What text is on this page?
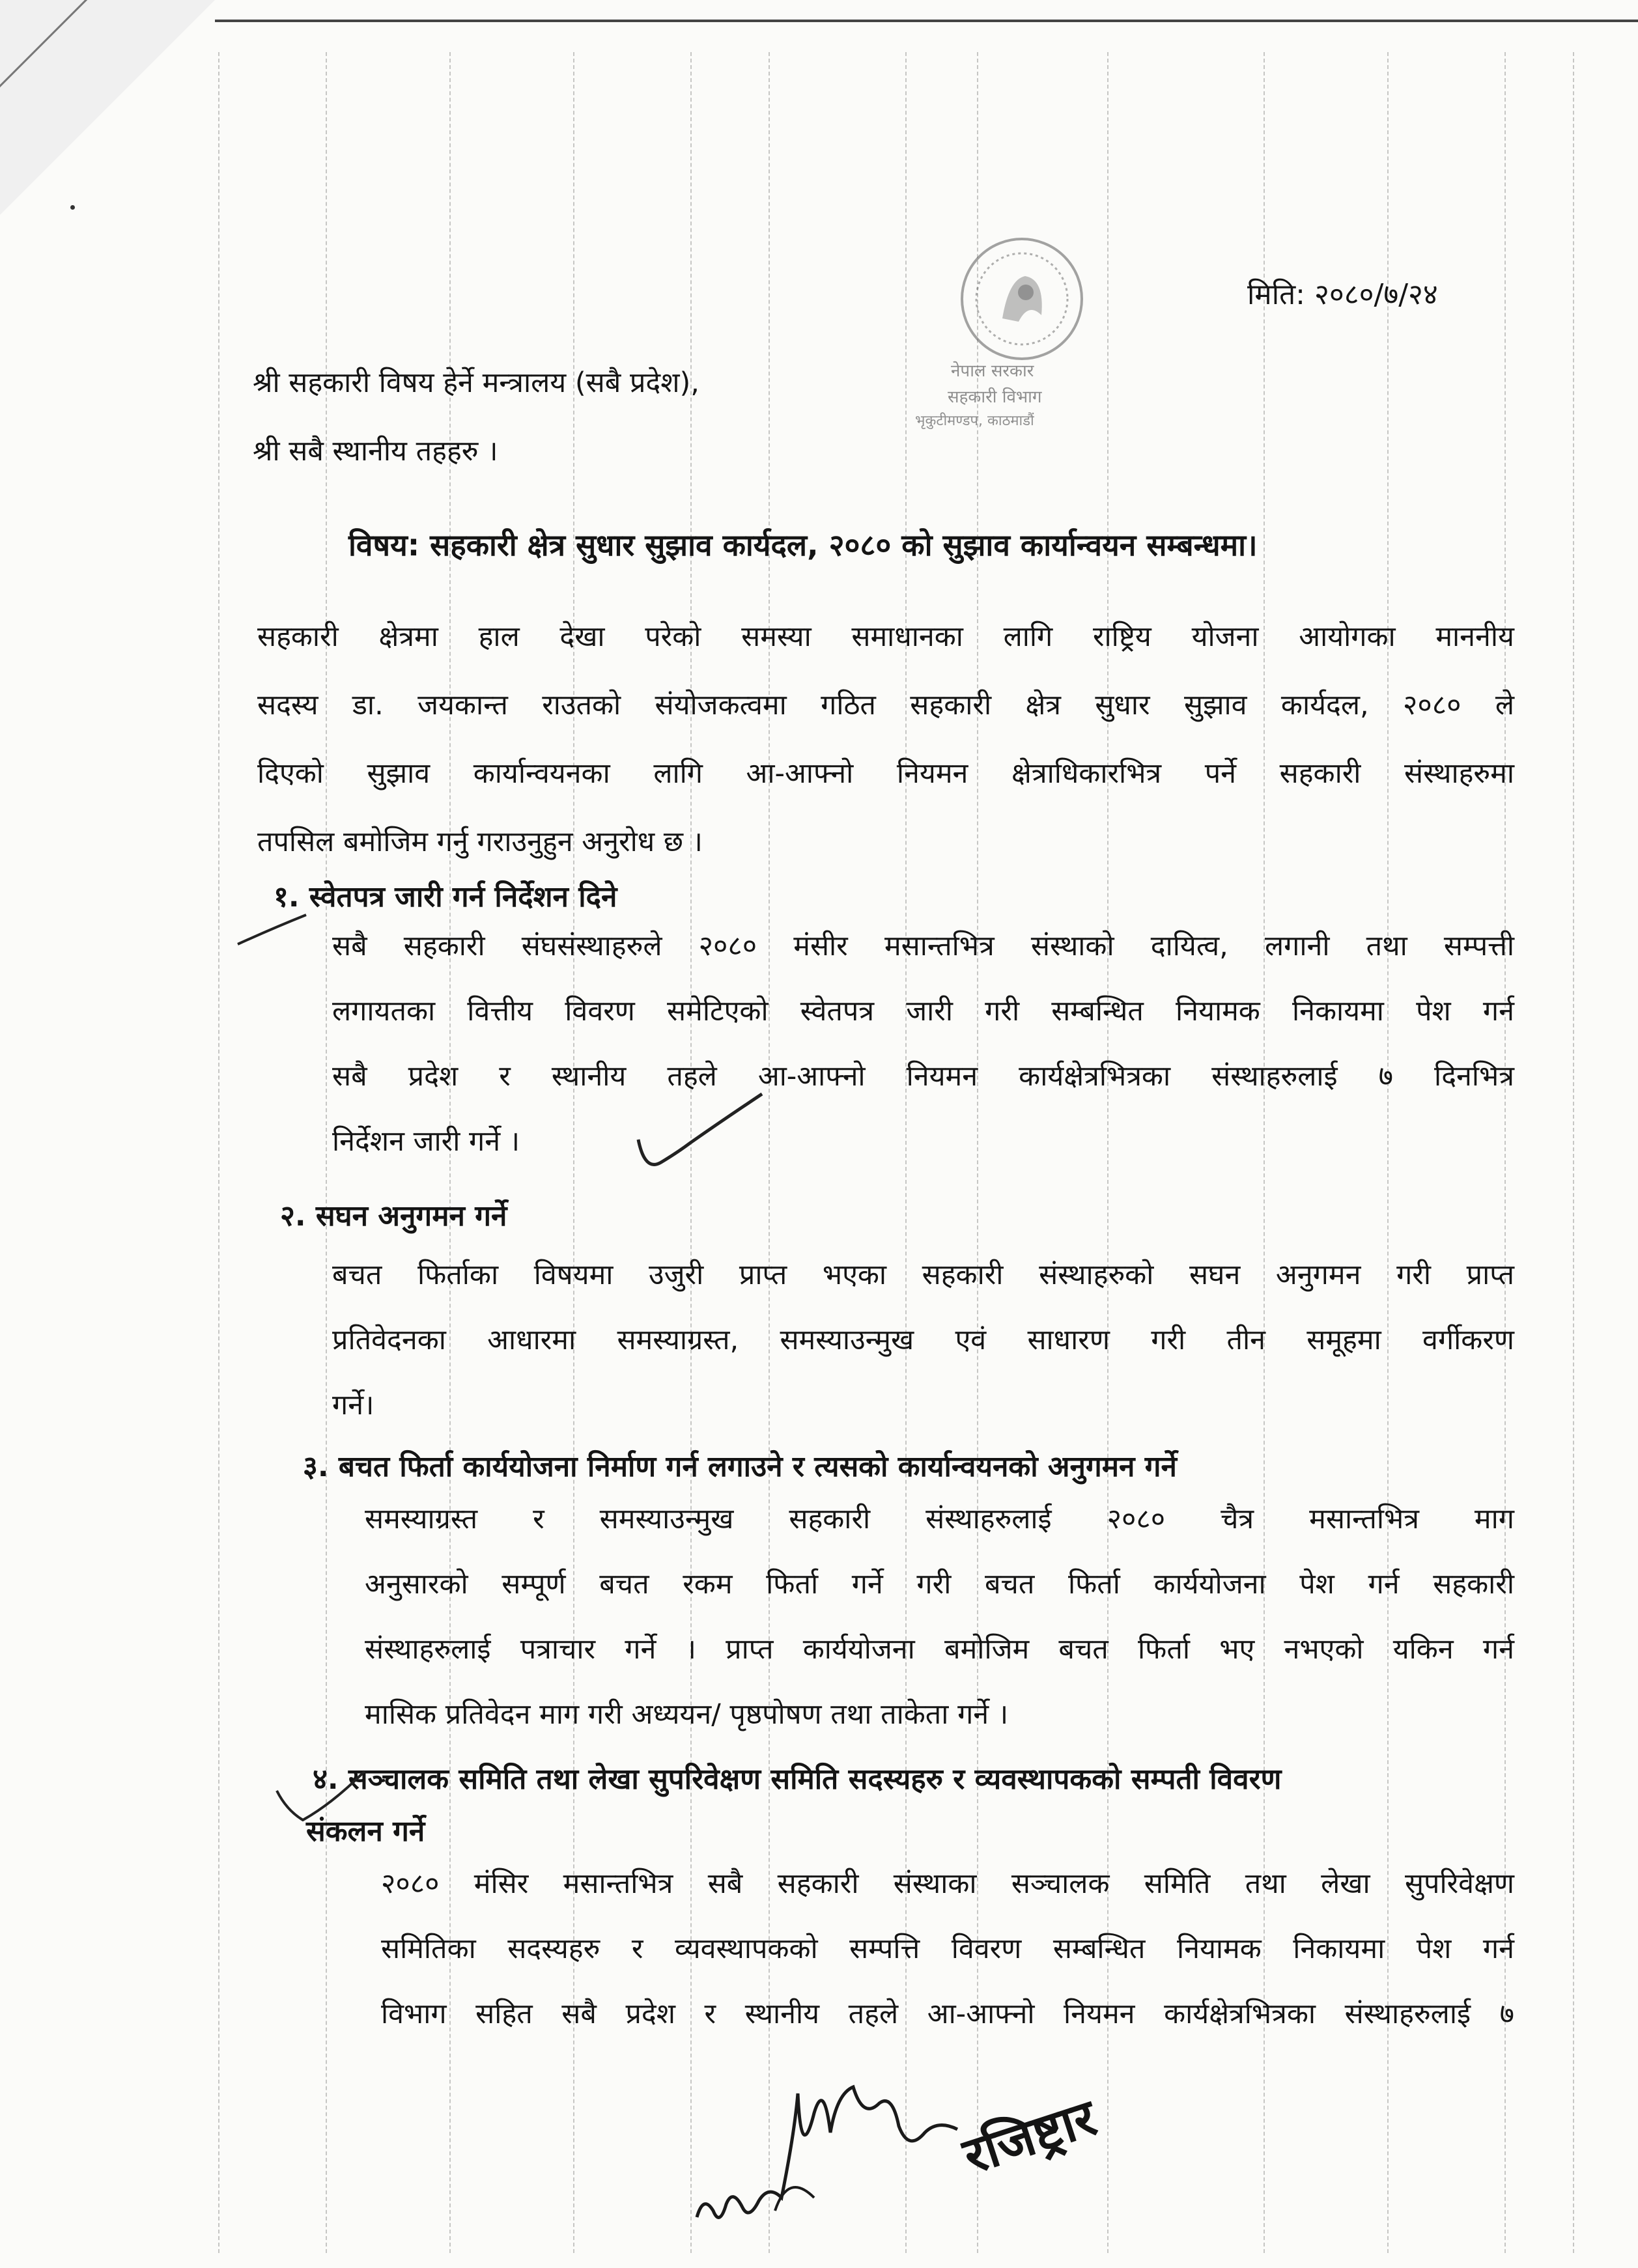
नेपाल सरकार
सहकारी विभाग
भृकुटीमण्डप, काठमाडौं
मिति: २०८०/७/२४
श्री सहकारी विषय हेर्ने मन्त्रालय (सबै प्रदेश),
श्री सबै स्थानीय तहहरु ।
विषय: सहकारी क्षेत्र सुधार सुझाव कार्यदल, २०८० को सुझाव कार्यान्वयन सम्बन्धमा।
सहकारी क्षेत्रमा हाल देखा परेको समस्या समाधानका लागि राष्ट्रिय योजना आयोगका माननीय
सदस्य डा. जयकान्त राउतको संयोजकत्वमा गठित सहकारी क्षेत्र सुधार सुझाव कार्यदल, २०८० ले
दिएको सुझाव कार्यान्वयनका लागि आ-आफ्नो नियमन क्षेत्राधिकारभित्र पर्ने सहकारी संस्थाहरुमा
तपसिल बमोजिम गर्नु गराउनुहुन अनुरोध छ ।
१. स्वेतपत्र जारी गर्न निर्देशन दिने
सबै सहकारी संघसंस्थाहरुले २०८० मंसीर मसान्तभित्र संस्थाको दायित्व, लगानी तथा सम्पत्ती
लगायतका वित्तीय विवरण समेटिएको स्वेतपत्र जारी गरी सम्बन्धित नियामक निकायमा पेश गर्न
सबै प्रदेश र स्थानीय तहले आ-आफ्नो नियमन कार्यक्षेत्रभित्रका संस्थाहरुलाई ७ दिनभित्र
निर्देशन जारी गर्ने ।
२. सघन अनुगमन गर्ने
बचत फिर्ताका विषयमा उजुरी प्राप्त भएका सहकारी संस्थाहरुको सघन अनुगमन गरी प्राप्त
प्रतिवेदनका आधारमा समस्याग्रस्त, समस्याउन्मुख एवं साधारण गरी तीन समूहमा वर्गीकरण
गर्ने।
३. बचत फिर्ता कार्ययोजना निर्माण गर्न लगाउने र त्यसको कार्यान्वयनको अनुगमन गर्ने
समस्याग्रस्त र समस्याउन्मुख सहकारी संस्थाहरुलाई २०८० चैत्र मसान्तभित्र माग
अनुसारको सम्पूर्ण बचत रकम फिर्ता गर्ने गरी बचत फिर्ता कार्ययोजना पेश गर्न सहकारी
संस्थाहरुलाई पत्राचार गर्ने । प्राप्त कार्ययोजना बमोजिम बचत फिर्ता भए नभएको यकिन गर्न
मासिक प्रतिवेदन माग गरी अध्ययन/ पृष्ठपोषण तथा ताकेता गर्ने ।
४. सञ्चालक समिति तथा लेखा सुपरिवेक्षण समिति सदस्यहरु र व्यवस्थापकको सम्पती विवरण
संकलन गर्ने
२०८० मंसिर मसान्तभित्र सबै सहकारी संस्थाका सञ्चालक समिति तथा लेखा सुपरिवेक्षण
समितिका सदस्यहरु र व्यवस्थापकको सम्पत्ति विवरण सम्बन्धित नियामक निकायमा पेश गर्न
विभाग सहित सबै प्रदेश र स्थानीय तहले आ-आफ्नो नियमन कार्यक्षेत्रभित्रका संस्थाहरुलाई ७
रजिष्ट्रार
